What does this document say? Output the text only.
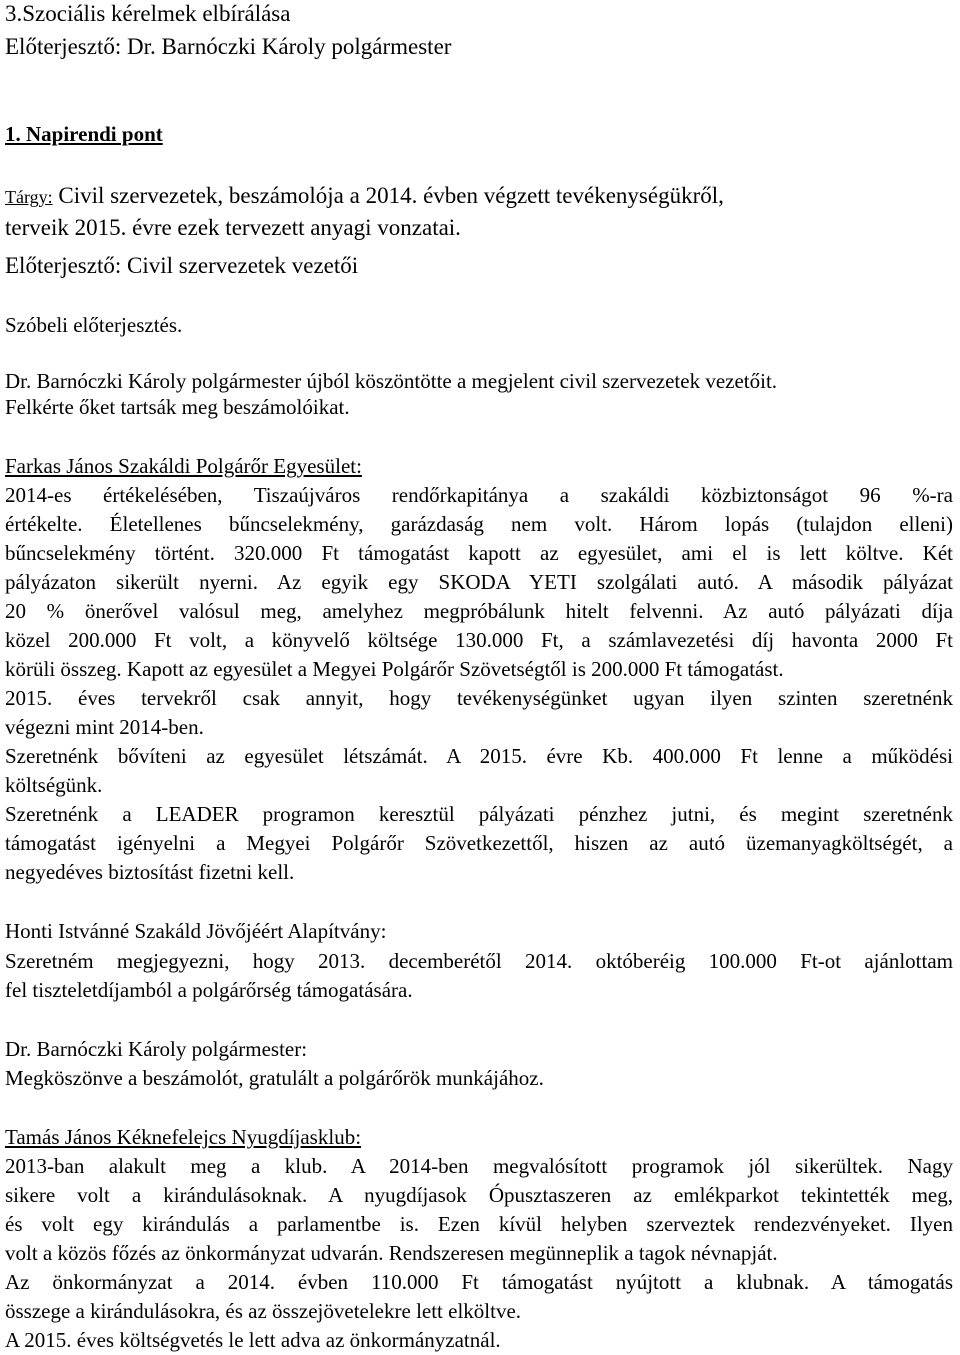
3.Szociális kérelmek elbírálása
Előterjesztő: Dr. Barnóczki Károly polgármester
1. Napirendi pont
Tárgy: Civil szervezetek, beszámolója a 2014. évben végzett tevékenységükről,
terveik 2015. évre ezek tervezett anyagi vonzatai.
Előterjesztő: Civil szervezetek vezetői
Szóbeli előterjesztés.
Dr. Barnóczki Károly polgármester újból köszöntötte a megjelent civil szervezetek vezetőit.
Felkérte őket tartsák meg beszámolóikat.
Farkas János Szakáldi Polgárőr Egyesület:
2014-es értékelésében, Tiszaújváros rendőrkapitánya a szakáldi közbiztonságot 96 %-ra
értékelte. Életellenes bűncselekmény, garázdaság nem volt. Három lopás (tulajdon elleni)
bűncselekmény történt. 320.000 Ft támogatást kapott az egyesület, ami el is lett költve. Két
pályázaton sikerült nyerni. Az egyik egy SKODA YETI szolgálati autó. A második pályázat
20 % önerővel valósul meg, amelyhez megpróbálunk hitelt felvenni. Az autó pályázati díja
közel 200.000 Ft volt, a könyvelő költsége 130.000 Ft, a számlavezetési díj havonta 2000 Ft
körüli összeg. Kapott az egyesület a Megyei Polgárőr Szövetségtől is 200.000 Ft támogatást.
2015. éves tervekről csak annyit, hogy tevékenységünket ugyan ilyen szinten szeretnénk
végezni mint 2014-ben.
Szeretnénk bővíteni az egyesület létszámát. A 2015. évre Kb. 400.000 Ft lenne a működési
költségünk.
Szeretnénk a LEADER programon keresztül pályázati pénzhez jutni, és megint szeretnénk
támogatást igényelni a Megyei Polgárőr Szövetkezettől, hiszen az autó üzemanyagköltségét, a
negyedéves biztosítást fizetni kell.
Honti Istvánné Szakáld Jövőjéért Alapítvány:
Szeretném megjegyezni, hogy 2013. decemberétől 2014. októberéig 100.000 Ft-ot ajánlottam
fel tiszteletdíjamból a polgárőrség támogatására.
Dr. Barnóczki Károly polgármester:
Megköszönve a beszámolót, gratulált a polgárőrök munkájához.
Tamás János Kéknefelejcs Nyugdíjasklub:
2013-ban alakult meg a klub. A 2014-ben megvalósított programok jól sikerültek. Nagy
sikere volt a kirándulásoknak. A nyugdíjasok Ópusztaszeren az emlékparkot tekintették meg,
és volt egy kirándulás a parlamentbe is. Ezen kívül helyben szerveztek rendezvényeket. Ilyen
volt a közös főzés az önkormányzat udvarán. Rendszeresen megünneplik a tagok névnapját.
Az önkormányzat a 2014. évben 110.000 Ft támogatást nyújtott a klubnak. A támogatás
összege a kirándulásokra, és az összejövetelekre lett elköltve.
A 2015. éves költségvetés le lett adva az önkormányzatnál.
